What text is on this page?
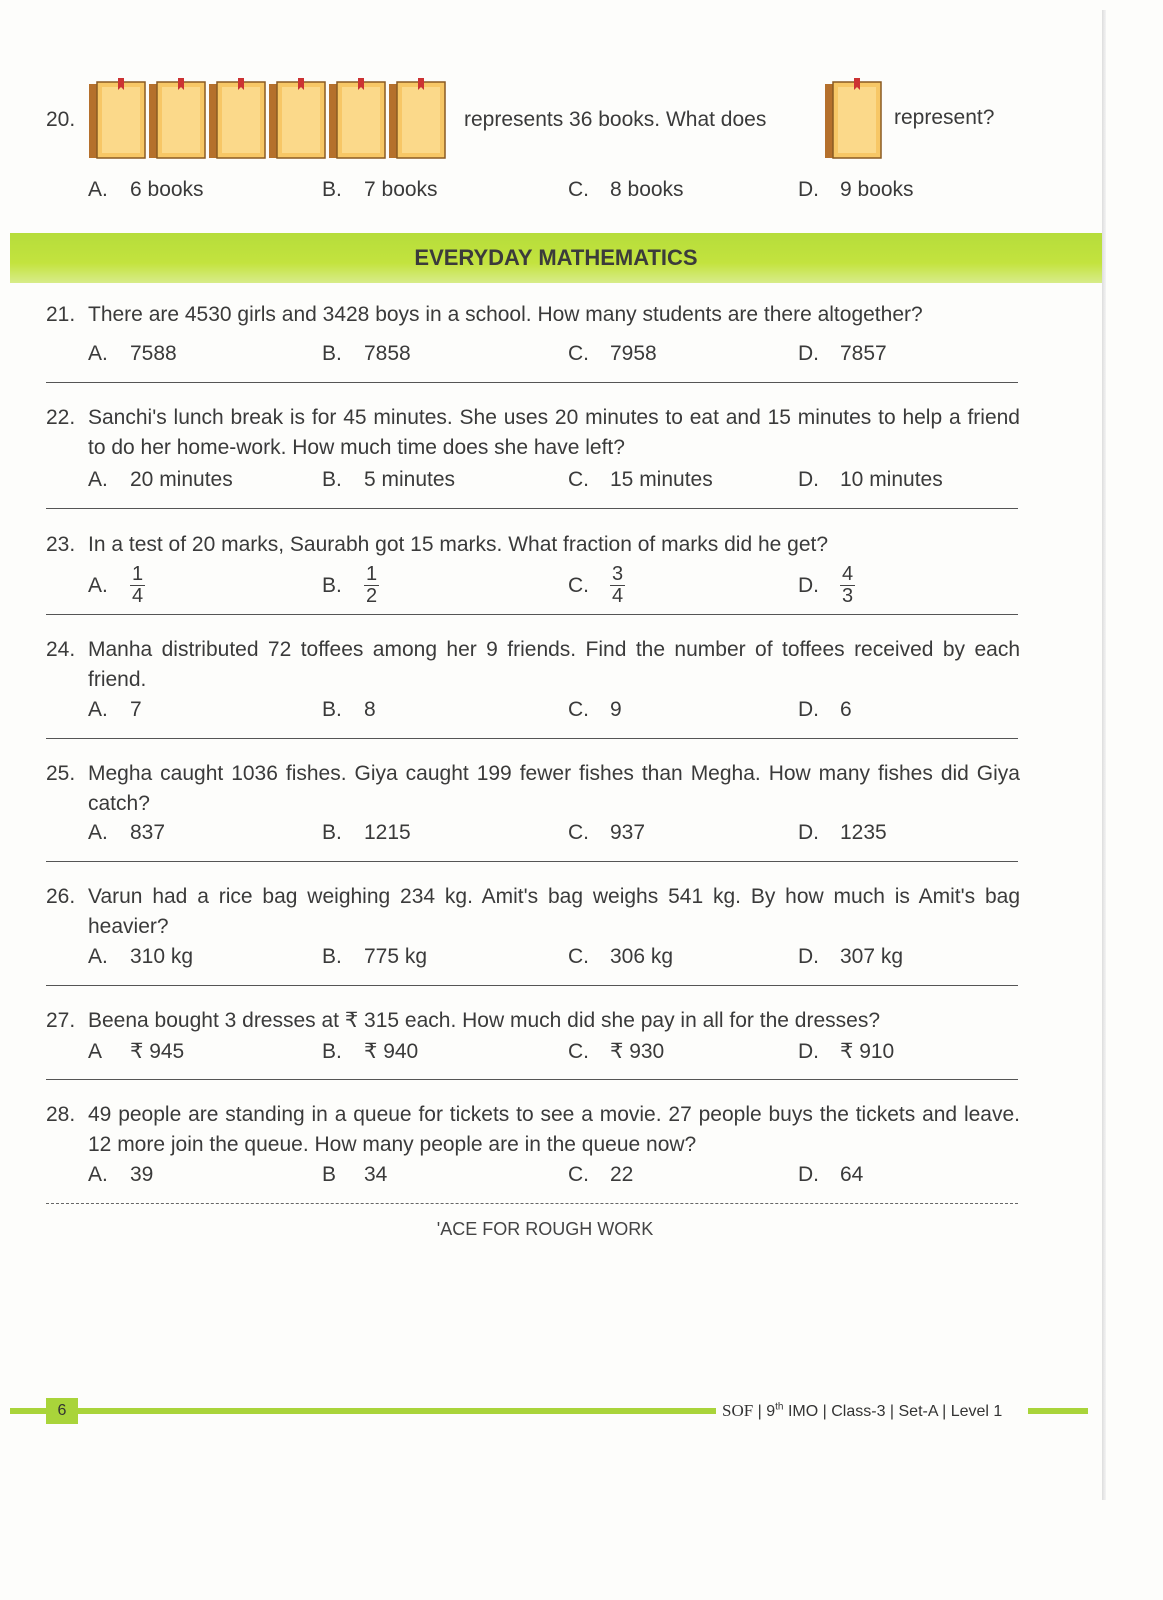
20.	represents 36 books. What does	represent?
A. 6 books	B. 7 books	C. 8 books	D. 9 books
EVERYDAY MATHEMATICS
21. There are 4530 girls and 3428 boys in a school. How many students are there altogether?
A. 7588	B. 7858	C. 7958	D. 7857
22. Sanchi's lunch break is for 45 minutes. She uses 20 minutes to eat and 15 minutes to help a friend to do her home-work. How much time does she have left?
A. 20 minutes	B. 5 minutes	C. 15 minutes	D. 10 minutes
23. In a test of 20 marks, Saurabh got 15 marks. What fraction of marks did he get?
A. $\frac{1}{4}$	B. $\frac{1}{2}$	C. $\frac{3}{4}$	D. $\frac{4}{3}$
24. Manha distributed 72 toffees among her 9 friends. Find the number of toffees received by each friend.
A. 7	B. 8	C. 9	D. 6
25. Megha caught 1036 fishes. Giya caught 199 fewer fishes than Megha. How many fishes did Giya catch?
A. 837	B. 1215	C. 937	D. 1235
26. Varun had a rice bag weighing 234 kg. Amit's bag weighs 541 kg. By how much is Amit's bag heavier?
A. 310 kg	B. 775 kg	C. 306 kg	D. 307 kg
27. Beena bought 3 dresses at ₹ 315 each. How much did she pay in all for the dresses?
A ₹ 945	B. ₹ 940	C. ₹ 930	D. ₹ 910
28. 49 people are standing in a queue for tickets to see a movie. 27 people buys the tickets and leave. 12 more join the queue. How many people are in the queue now?
A. 39	B 34	C. 22	D. 64
'ACE FOR ROUGH WORK
6	SOF | 9th IMO | Class-3 | Set-A | Level 1
